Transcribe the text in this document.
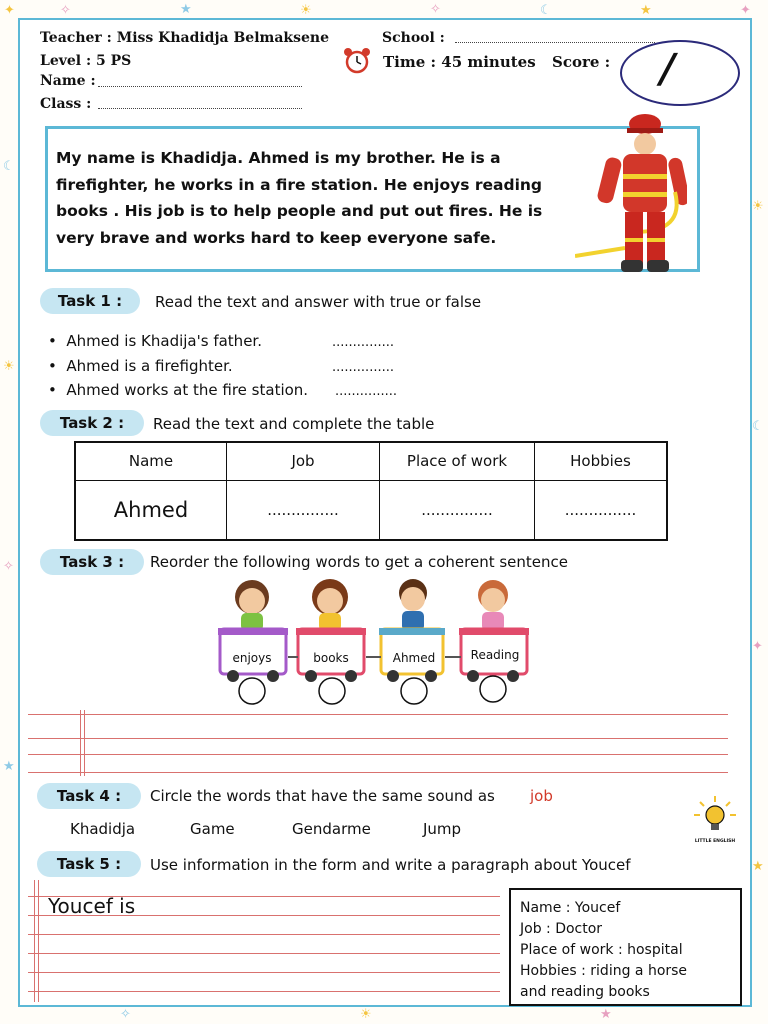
✦	✧	★	☀	✧	☾	★	✦
☾
☀
✧
★
☀
☾
✦
★
✧	☀	★
Teacher : Miss Khadidja Belmaksene
Level : 5 PS
Name :
Class :
School :
Time : 45 minutes Score : /

My name is Khadidja. Ahmed is my brother. He is a firefighter, he works in a fire station. He enjoys reading books . His job is to help people and put out fires. He is very brave and works hard to keep everyone safe.

Task 1 :	Read the text and answer with true or false
•  Ahmed is Khadija's father.	...............
•  Ahmed is a firefighter.	...............
•  Ahmed works at the fire station. ...............
Task 2 :	Read the text and complete the table
Name	Job	Place of work	Hobbies
Ahmed	...............	...............	...............
Task 3 :	Reorder the following words to get a coherent sentence
enjoys	books	Ahmed	Reading
Task 4 :	Circle the words that have the same sound as job
Khadidja	Game	Gendarme	Jump
LITTLE ENGLISH
Task 5 :	Use information in the form and write a paragraph about Youcef
Youcef is	Name : Youcef
Job : Doctor
Place of work : hospital
Hobbies : riding a horse
and reading books
